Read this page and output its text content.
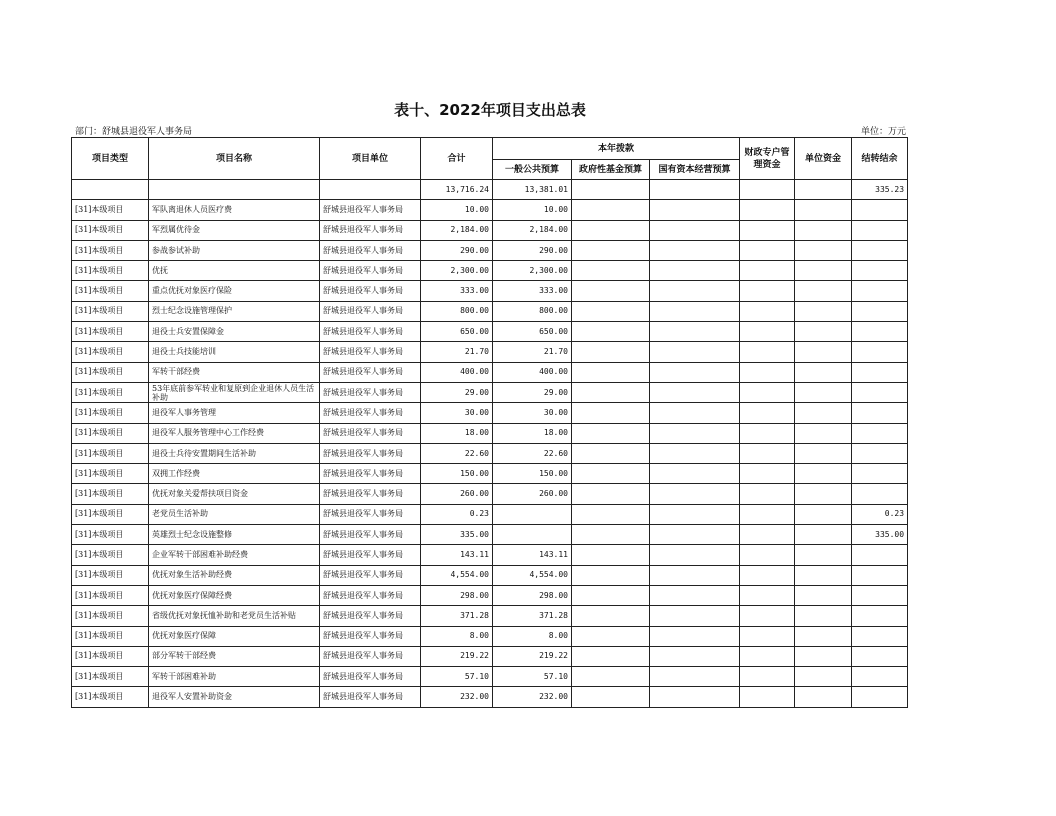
表十、2022年项目支出总表
部门：舒城县退役军人事务局	单位：万元
项目类型	项目名称	项目单位	合计	本年拨款			财政专户管理资金	单位资金	结转结余
				一般公共预算	政府性基金预算	国有资本经营预算			
			13,716.24	13,381.01					335.23
[31]本级项目	军队离退休人员医疗费	舒城县退役军人事务局	10.00	10.00					
[31]本级项目	军烈属优待金	舒城县退役军人事务局	2,184.00	2,184.00					
[31]本级项目	参战参试补助	舒城县退役军人事务局	290.00	290.00					
[31]本级项目	优抚	舒城县退役军人事务局	2,300.00	2,300.00					
[31]本级项目	重点优抚对象医疗保险	舒城县退役军人事务局	333.00	333.00					
[31]本级项目	烈士纪念设施管理保护	舒城县退役军人事务局	800.00	800.00					
[31]本级项目	退役士兵安置保障金	舒城县退役军人事务局	650.00	650.00					
[31]本级项目	退役士兵技能培训	舒城县退役军人事务局	21.70	21.70					
[31]本级项目	军转干部经费	舒城县退役军人事务局	400.00	400.00					
[31]本级项目	53年底前参军转业和复原到企业退休人员生活补助	舒城县退役军人事务局	29.00	29.00					
[31]本级项目	退役军人事务管理	舒城县退役军人事务局	30.00	30.00					
[31]本级项目	退役军人服务管理中心工作经费	舒城县退役军人事务局	18.00	18.00					
[31]本级项目	退役士兵待安置期间生活补助	舒城县退役军人事务局	22.60	22.60					
[31]本级项目	双拥工作经费	舒城县退役军人事务局	150.00	150.00					
[31]本级项目	优抚对象关爱帮扶项目资金	舒城县退役军人事务局	260.00	260.00					
[31]本级项目	老党员生活补助	舒城县退役军人事务局	0.23						0.23
[31]本级项目	英雄烈士纪念设施整修	舒城县退役军人事务局	335.00						335.00
[31]本级项目	企业军转干部困难补助经费	舒城县退役军人事务局	143.11	143.11					
[31]本级项目	优抚对象生活补助经费	舒城县退役军人事务局	4,554.00	4,554.00					
[31]本级项目	优抚对象医疗保障经费	舒城县退役军人事务局	298.00	298.00					
[31]本级项目	省级优抚对象抚恤补助和老党员生活补贴	舒城县退役军人事务局	371.28	371.28					
[31]本级项目	优抚对象医疗保障	舒城县退役军人事务局	8.00	8.00					
[31]本级项目	部分军转干部经费	舒城县退役军人事务局	219.22	219.22					
[31]本级项目	军转干部困难补助	舒城县退役军人事务局	57.10	57.10					
[31]本级项目	退役军人安置补助资金	舒城县退役军人事务局	232.00	232.00					
